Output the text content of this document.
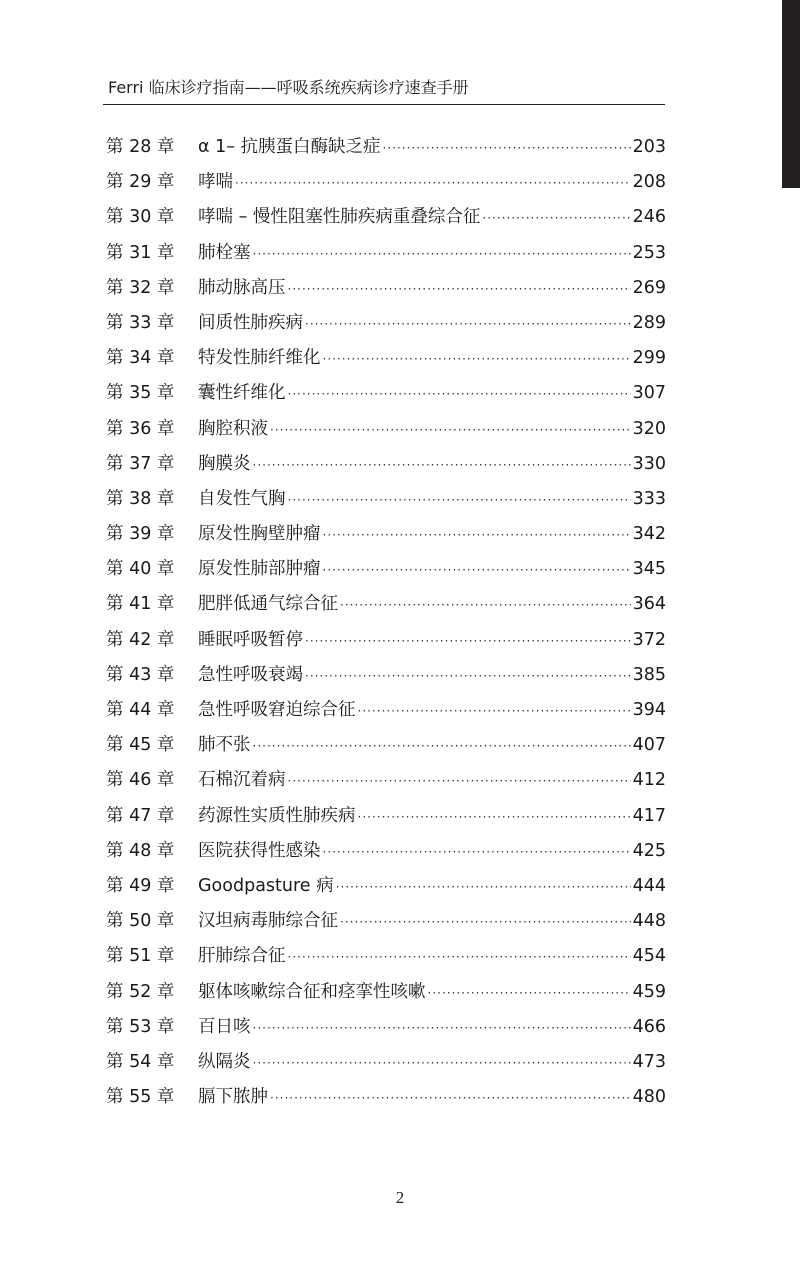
Ferri 临床诊疗指南——呼吸系统疾病诊疗速查手册
第 28 章	α 1– 抗胰蛋白酶缺乏症 ·····	203
第 29 章	哮喘 ·····	208
第 30 章	哮喘 – 慢性阻塞性肺疾病重叠综合征 ·····	246
第 31 章	肺栓塞 ·····	253
第 32 章	肺动脉高压 ·····	269
第 33 章	间质性肺疾病 ·····	289
第 34 章	特发性肺纤维化 ·····	299
第 35 章	囊性纤维化 ·····	307
第 36 章	胸腔积液 ·····	320
第 37 章	胸膜炎 ·····	330
第 38 章	自发性气胸 ·····	333
第 39 章	原发性胸壁肿瘤 ·····	342
第 40 章	原发性肺部肿瘤 ·····	345
第 41 章	肥胖低通气综合征 ·····	364
第 42 章	睡眠呼吸暂停 ·····	372
第 43 章	急性呼吸衰竭 ·····	385
第 44 章	急性呼吸窘迫综合征 ·····	394
第 45 章	肺不张 ·····	407
第 46 章	石棉沉着病 ·····	412
第 47 章	药源性实质性肺疾病 ·····	417
第 48 章	医院获得性感染 ·····	425
第 49 章	Goodpasture 病 ·····	444
第 50 章	汉坦病毒肺综合征 ·····	448
第 51 章	肝肺综合征 ·····	454
第 52 章	躯体咳嗽综合征和痉挛性咳嗽 ·····	459
第 53 章	百日咳 ·····	466
第 54 章	纵隔炎 ·····	473
第 55 章	膈下脓肿 ·····	480
2
